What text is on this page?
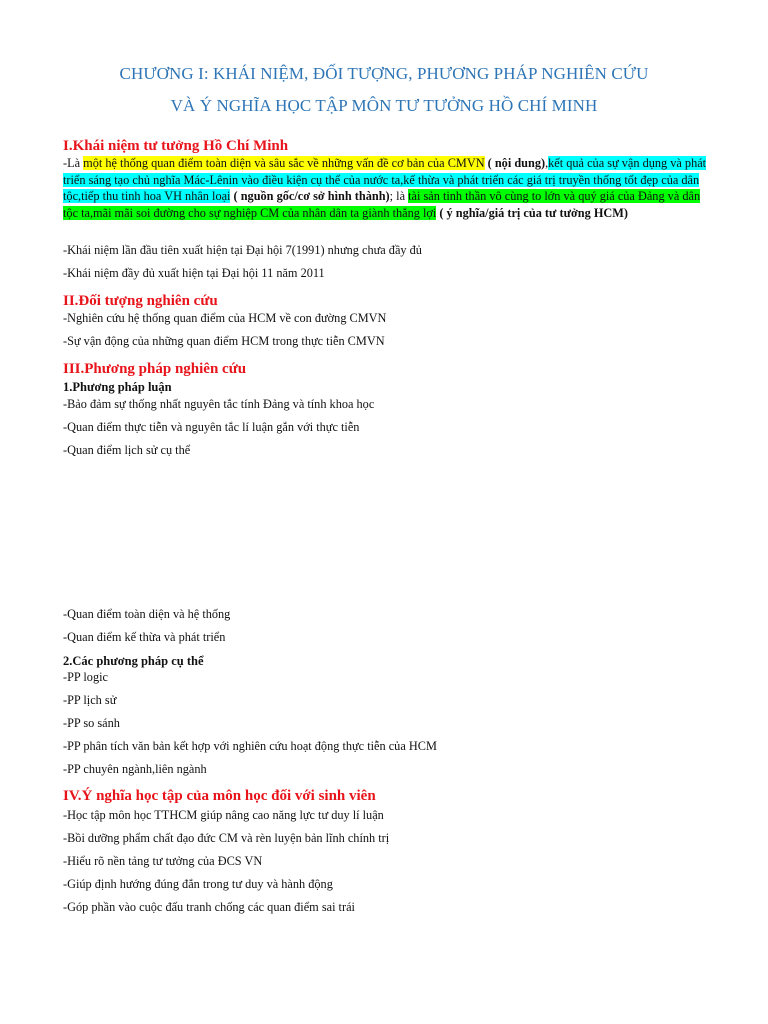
CHƯƠNG I: KHÁI NIỆM, ĐỐI TƯỢNG, PHƯƠNG PHÁP NGHIÊN CỨU
VÀ Ý NGHĨA HỌC TẬP MÔN TƯ TƯỞNG HỒ CHÍ MINH
I.Khái niệm tư tưởng Hồ Chí Minh
-Là một hệ thống quan điểm toàn diện và sâu sắc về những vấn đề cơ bản của CMVN ( nội dung),kết quả của sự vận dụng và phát triển sáng tạo chủ nghĩa Mác-Lênin vào điều kiện cụ thể của nước ta,kế thừa và phát triển các giá trị truyền thống tốt đẹp của dân tộc,tiếp thu tinh hoa VH nhân loại ( nguồn gốc/cơ sở hình thành); là tài sản tinh thần vô cùng to lớn và quý giá của Đảng và dân tộc ta,mãi mãi soi đường cho sự nghiệp CM của nhân dân ta giành thắng lợi ( ý nghĩa/giá trị của tư tưởng HCM)
-Khái niệm lần đầu tiên xuất hiện tại Đại hội 7(1991) nhưng chưa đầy đủ
-Khái niệm đầy đủ xuất hiện tại Đại hội 11 năm 2011
II.Đối tượng nghiên cứu
-Nghiên cứu hệ thống quan điểm của HCM về con đường CMVN
-Sự vận động của những quan điểm HCM trong thực tiễn CMVN
III.Phương pháp nghiên cứu
1.Phương pháp luận
-Bảo đảm sự thống nhất nguyên tắc tính Đảng và tính khoa học
-Quan điểm thực tiễn và nguyên tắc lí luận gắn với thực tiễn
-Quan điểm lịch sử cụ thể
-Quan điểm toàn diện và hệ thống
-Quan điểm kế thừa và phát triển
2.Các phương pháp cụ thể
-PP logic
-PP lịch sử
-PP so sánh
-PP phân tích văn bản kết hợp với nghiên cứu hoạt động thực tiễn của HCM
-PP chuyên ngành,liên ngành
IV.Ý nghĩa học tập của môn học đối với sinh viên
-Học tập môn học TTHCM giúp nâng cao năng lực tư duy lí luận
-Bồi dưỡng phẩm chất đạo đức CM và rèn luyện bản lĩnh chính trị
-Hiểu rõ nền tảng tư tưởng của ĐCS VN
-Giúp định hướng đúng đắn trong tư duy và hành động
-Góp phần vào cuộc đấu tranh chống các quan điểm sai trái
